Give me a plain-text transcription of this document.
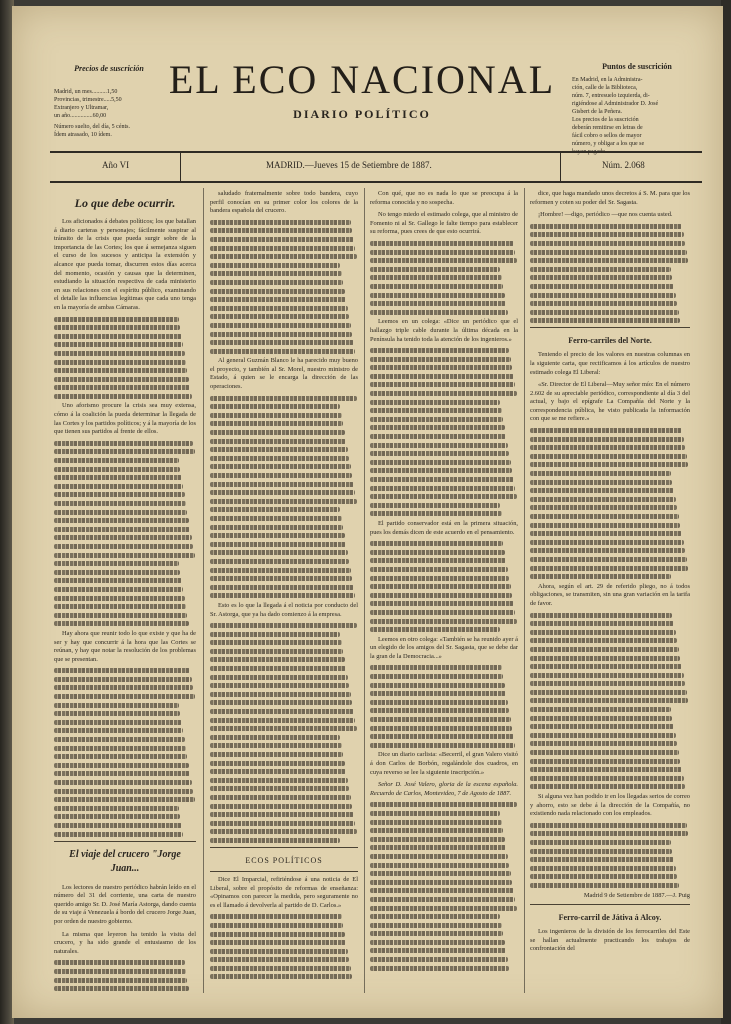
Precios de suscrición
Madrid, un mes..........1,50
Provincias, trimestre.....5,50
Extranjero y Ultramar,
un año...............60,00
Número suelto, del día, 5 cénts.
Ídem atrasado, 10 ídem.
EL ECO NACIONAL
DIARIO POLÍTICO
Puntos de suscrición
En Madrid, en la Administra-
ción, calle de la Biblioteca,
núm. 7, entresuelo izquierda, di-
rigiéndose al Administrador D. José
Gisbert de la Peñera.
Los precios de la suscrición
deberán remitirse en letras de
fácil cobro o sellos de mayor
número, y obligar a los que se
Año VI	MADRID.—Jueves 15 de Setiembre de 1887.	Núm. 2.068
Lo que debe ocurrir.

Los aficionados á debates políticos; los que batallan á diario carteras y personajes; fácilmente suspirar al tránsito de la crisis que pueda surgir sobre de la importancia de las Cortes; los que á semejanza siguen el curso de los sucesos y anticipa la extensión y alcance que pueda tomar, discurren estos días acerca del momento, ocasión y causas que la determinen, estudiando la situación respectiva de cada ministerio en sus relaciones con el espíritu público, examinando el detalle las influencias legítimas que cada uno tenga en la mayoría de ambas Cámaras.

Uno aforismo procure la crisis sea muy extensa, cómo á la coalición la pueda determinar la llegada de las Cortes y los partidos políticos; y á la mayoría de los que tienen sus partidos al frente de ellos.

Hay ahora que reunir todo lo que existe y que ha de ser y hay que concurrir á la hora que las Cortes se reúnan, y hay que notar la resolución de los problemas que se presentan.

El viaje del crucero "Jorge Juan...

Los lectores de nuestro periódico habrán leído en el número del 31 del corriente, una carta de nuestro querido amigo Sr. D. José María Astorga, dando cuenta de su viaje á Venezuela á bordo del crucero Jorge Juan, por orden de nuestro gobierno.

La misma que leyeron ha tenido la visita del crucero, y ha sido grande el entusiasmo de los naturales.

saludado fraternalmente sobre todo bandera, cuyo perfil conocían en su primer color los colores de la bandera española del crucero.

Al general Guzmán Blanco le ha parecido muy bueno el proyecto, y también al Sr. Morel, nuestro ministro de Estado, á quien se le encarga la dirección de las operaciones.

Esto es lo que la llegada á el noticia por conducto del Sr. Astorga, que ya ha dado comienzo á la empresa.

ECOS POLÍTICOS

Dice El Imparcial, refiriéndose á una noticia de El Liberal, sobre el propósito de reformas de enseñanza: «Opinamos con parecer la medida, pero seguramente no es el llamado á devolverla al partido de D. Carlos.»

Con qué, que no es nada lo que se preocupa á la reforma conocida y no sospecha.

No tengo miedo el estimado colega, que al ministro de Fomento ni al Sr. Gallego le falte tiempo para establecer su reforma, pues crees de que esto ocurrirá.

Leemos en un colega: «Dice un periódico que el hallazgo triple cable durante la última década en la Península ha tenido toda la atención de los ingenieros.»

El partido conservador está en la primera situación, pues los demás dicen de este acuerdo en el pensamiento.

Leemos en otro colega: «También se ha reunido ayer á un elegido de los amigos del Sr. Sagasta, que se debe dar la gran de la Democracia...»

Dice un diario carlista: «Becerril, el gran Valero visitó á don Carlos de Borbón, regalándole dos cuadros, en cuya reverso se lee la siguiente inscripción.»

Señor D. José Valero, gloria de la escena española. Recuerdo de Carlos, Montevideo, 7 de Agosto de 1887.

dice, que haga mandado unos decretos á S. M. para que los reformen y coten su poder del Sr. Sagasta.

¡Hombre! —digo, periódico —que nos cuenta usted.

Ferro-carriles del Norte.

Teniendo el precio de los valores en nuestras columnas en la siguiente carta, que rectificamos á los artículos de nuestro estimado colega El Liberal:

«Sr. Director de El Liberal—Muy señor mío: En el número 2.602 de su apreciable periódico, correspondiente al día 3 del actual, y bajo el epígrafe La Compañía del Norte y la correspondencia pública, he visto publicada la información con que se me refiere.»

Ahora, según el art. 29 de referido pliego, no á todos obligaciones, se transmiten, sin una gran variación en la tarifa de favor.

Si alguna vez han podido ir en los llegadas serios de correo y ahorro, esto se debe á la dirección de la Compañía, no existiendo nada relacionado con los empleados.

Madrid 9 de Setiembre de 1887.—J. Puig

Ferro-carril de Játiva á Alcoy.

Los ingenieros de la división de los ferrocarriles del Este se hallan actualmente practicando los trabajos de confrontación del
